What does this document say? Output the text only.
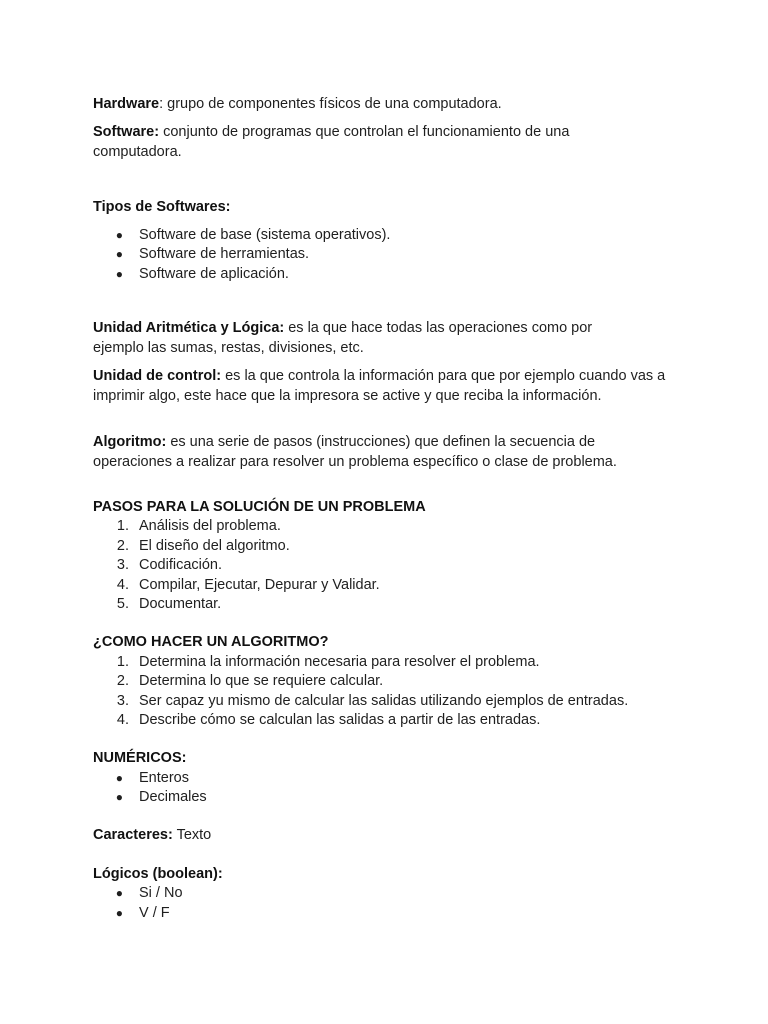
Hardware: grupo de componentes físicos de una computadora.
Software: conjunto de programas que controlan el funcionamiento de una computadora.
Tipos de Softwares:
● Software de base (sistema operativos).
● Software de herramientas.
● Software de aplicación.
Unidad Aritmética y Lógica: es la que hace todas las operaciones como por ejemplo las sumas, restas, divisiones, etc.
Unidad de control: es la que controla la información para que por ejemplo cuando vas a imprimir algo, este hace que la impresora se active y que reciba la información.
Algoritmo: es una serie de pasos (instrucciones) que definen la secuencia de operaciones a realizar para resolver un problema específico o clase de problema.
PASOS PARA LA SOLUCIÓN DE UN PROBLEMA
1. Análisis del problema.
2. El diseño del algoritmo.
3. Codificación.
4. Compilar, Ejecutar, Depurar y Validar.
5. Documentar.
¿COMO HACER UN ALGORITMO?
1. Determina la información necesaria para resolver el problema.
2. Determina lo que se requiere calcular.
3. Ser capaz yu mismo de calcular las salidas utilizando ejemplos de entradas.
4. Describe cómo se calculan las salidas a partir de las entradas.
NUMÉRICOS:
● Enteros
● Decimales
Caracteres: Texto
Lógicos (boolean):
● Si / No
● V / F
